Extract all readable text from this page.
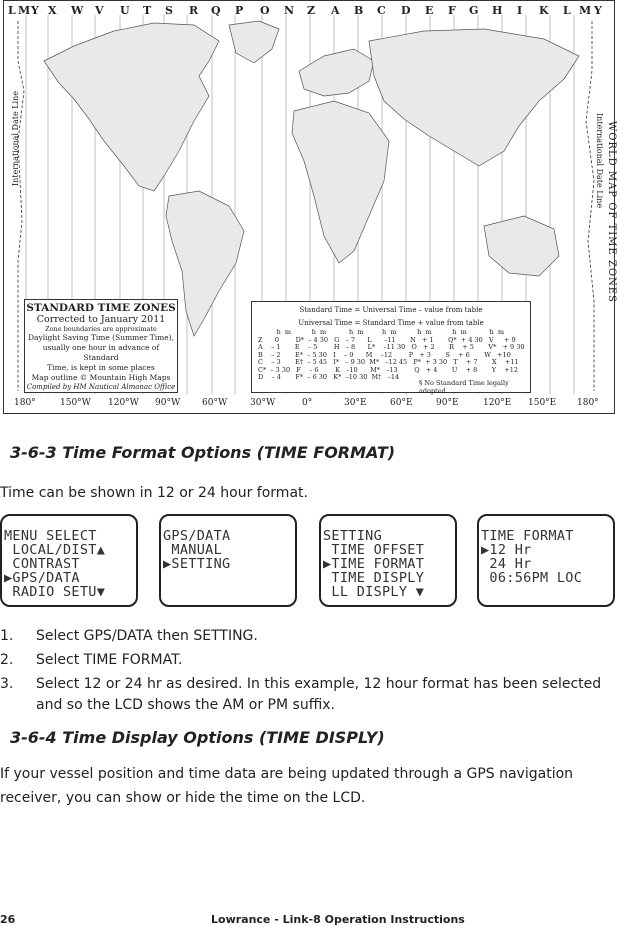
L M Y X W V U T S R Q P O N Z A B C D E F G H I K L M Y
International Date Line	International Date Line WORLD MAP OF TIME ZONES
STANDARD TIME ZONES
Corrected to January 2011
Zone boundaries are approximate
Daylight Saving Time (Summer Time),
usually one hour in advance of Standard
Time, is kept in some places
Map outline © Mountain High Maps
Compiled by HM Nautical Almanac Office
Standard Time = Universal Time – value from table
Universal Time = Standard Time + value from table
h  m          h  m           h  m         h  m          h  m          h  m           h  m
Z      0        D*  – 4 30   G   – 7      L      –11       N   + 1       Q*  + 4 30   V     + 9
A    – 1       E    – 5        H   – 8      L*    –11 30   O   + 2       R    + 5       V*   + 9 30
B    – 2       E*  – 5 30   I    – 9      M    –12        P   + 3       S    + 6       W   +10
C    – 3       E†  – 5 45   I*   – 9 30  M*   –12 45   P*  + 3 30   T    + 7       X    +11
C*  – 3 30   F    – 6        K   –10      M*   –13        Q   + 4       U    + 8       Y    +12
D    – 4       F*  – 6 30   K*  –10 30  M†   –14
§ No Standard Time legally adopted
180°	150°W 120°W 90°W 60°W	30°W	0°	30°E	60°E	90°E	120°E 150°E 180°
3-6-3 Time Format Options (TIME FORMAT)
Time can be shown in 12 or 24 hour format.
MENU SELECT
LOCAL/DIST▲
CONTRAST
▶GPS/DATA
RADIO SETU▼
GPS/DATA
MANUAL
▶SETTING
SETTING
TIME OFFSET
▶TIME FORMAT
TIME DISPLY
LL DISPLY ▼
TIME FORMAT
▶12 Hr
24 Hr
06:56PM LOC
1. Select GPS/DATA then SETTING.
2. Select TIME FORMAT.
3. Select 12 or 24 hr as desired. In this example, 12 hour format has been selected and so the LCD shows the AM or PM suffix.
3-6-4 Time Display Options (TIME DISPLY)
If your vessel position and time data are being updated through a GPS navigation receiver, you can show or hide the time on the LCD.
26	Lowrance - Link-8 Operation Instructions
